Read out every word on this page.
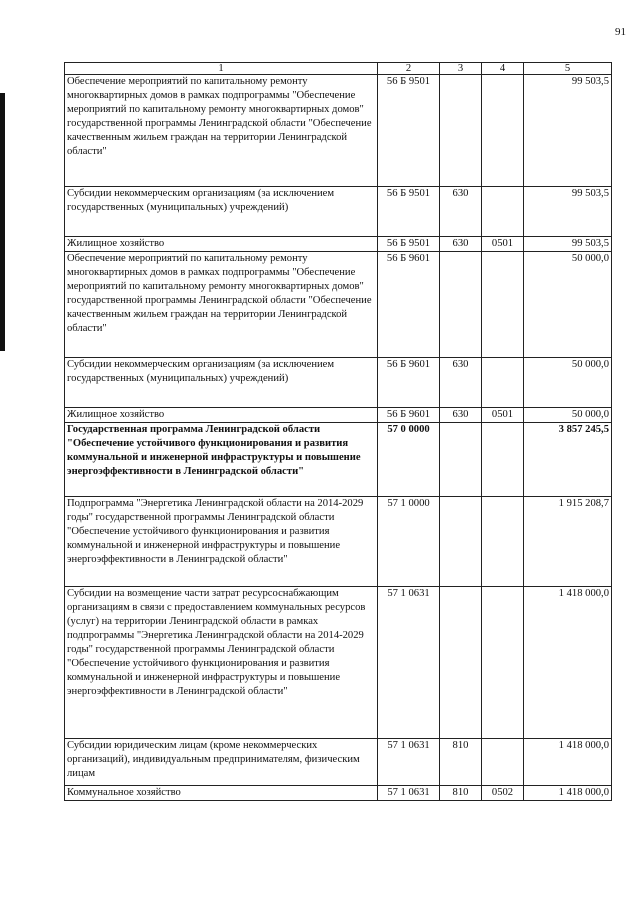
91
1	2	3	4	5
Обеспечение мероприятий по капитальному ремонту многоквартирных домов в рамках подпрограммы "Обеспечение мероприятий по капитальному ремонту многоквартирных домов" государственной программы Ленинградской области "Обеспечение качественным жильем граждан на территории Ленинградской области"	56 Б 9501			99 503,5
Субсидии некоммерческим организациям (за исключением государственных (муниципальных) учреждений)	56 Б 9501	630		99 503,5
Жилищное хозяйство	56 Б 9501	630	0501	99 503,5
Обеспечение мероприятий по капитальному ремонту многоквартирных домов в рамках подпрограммы "Обеспечение мероприятий по капитальному ремонту многоквартирных домов" государственной программы Ленинградской области "Обеспечение качественным жильем граждан на территории Ленинградской области"	56 Б 9601			50 000,0
Субсидии некоммерческим организациям (за исключением государственных (муниципальных) учреждений)	56 Б 9601	630		50 000,0
Жилищное хозяйство	56 Б 9601	630	0501	50 000,0
Государственная программа Ленинградской области "Обеспечение устойчивого функционирования и развития коммунальной и инженерной инфраструктуры и повышение энергоэффективности в Ленинградской области"	57 0 0000			3 857 245,5
Подпрограмма "Энергетика Ленинградской области на 2014-2029 годы" государственной программы Ленинградской области "Обеспечение устойчивого функционирования и развития коммунальной и инженерной инфраструктуры и повышение энергоэффективности в Ленинградской области"	57 1 0000			1 915 208,7
Субсидии на возмещение части затрат ресурсоснабжающим организациям в связи с предоставлением коммунальных ресурсов (услуг) на территории Ленинградской области в рамках подпрограммы "Энергетика Ленинградской области на 2014-2029 годы" государственной программы Ленинградской области "Обеспечение устойчивого функционирования и развития коммунальной и инженерной инфраструктуры и повышение энергоэффективности в Ленинградской области"	57 1 0631			1 418 000,0
Субсидии юридическим лицам (кроме некоммерческих организаций), индивидуальным предпринимателям, физическим лицам	57 1 0631	810		1 418 000,0
Коммунальное хозяйство	57 1 0631	810	0502	1 418 000,0
